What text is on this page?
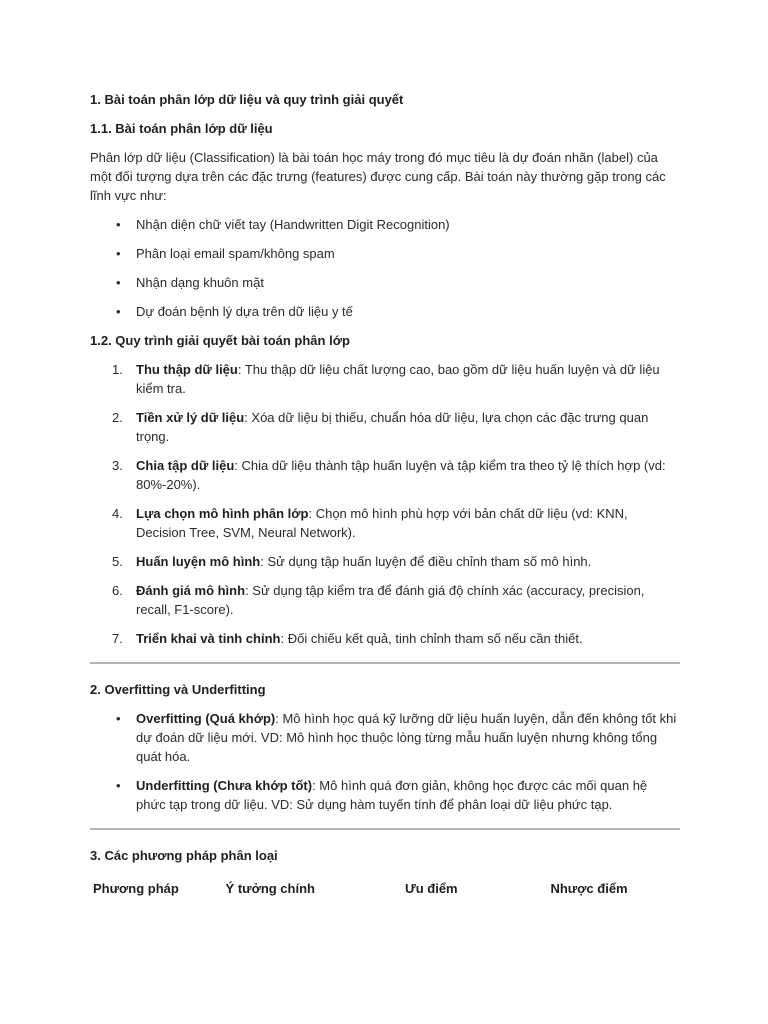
1. Bài toán phân lớp dữ liệu và quy trình giải quyết
1.1. Bài toán phân lớp dữ liệu

Phân lớp dữ liệu (Classification) là bài toán học máy trong đó mục tiêu là dự đoán nhãn (label) của một đối tượng dựa trên các đặc trưng (features) được cung cấp. Bài toán này thường gặp trong các lĩnh vực như:

• Nhận diện chữ viết tay (Handwritten Digit Recognition)
• Phân loại email spam/không spam
• Nhận dạng khuôn mặt
• Dự đoán bệnh lý dựa trên dữ liệu y tế
1.2. Quy trình giải quyết bài toán phân lớp
1. Thu thập dữ liệu: Thu thập dữ liệu chất lượng cao, bao gồm dữ liệu huấn luyện và dữ liệu kiểm tra.
2. Tiền xử lý dữ liệu: Xóa dữ liệu bị thiếu, chuẩn hóa dữ liệu, lựa chọn các đặc trưng quan trọng.
3. Chia tập dữ liệu: Chia dữ liệu thành tập huấn luyện và tập kiểm tra theo tỷ lệ thích hợp (vd: 80%-20%).
4. Lựa chọn mô hình phân lớp: Chọn mô hình phù hợp với bản chất dữ liệu (vd: KNN, Decision Tree, SVM, Neural Network).
5. Huấn luyện mô hình: Sử dụng tập huấn luyện để điều chỉnh tham số mô hình.
6. Đánh giá mô hình: Sử dụng tập kiểm tra để đánh giá độ chính xác (accuracy, precision, recall, F1-score).
7. Triển khai và tinh chỉnh: Đối chiếu kết quả, tinh chỉnh tham số nếu cần thiết.
2. Overfitting và Underfitting
• Overfitting (Quá khớp): Mô hình học quá kỹ lưỡng dữ liệu huấn luyện, dẫn đến không tốt khi dự đoán dữ liệu mới. VD: Mô hình học thuộc lòng từng mẫu huấn luyện nhưng không tổng quát hóa.
• Underfitting (Chưa khớp tốt): Mô hình quá đơn giản, không học được các mối quan hệ phức tạp trong dữ liệu. VD: Sử dụng hàm tuyến tính để phân loại dữ liệu phức tạp.
3. Các phương pháp phân loại
Phương pháp	Ý tưởng chính	Ưu điểm	Nhược điểm
